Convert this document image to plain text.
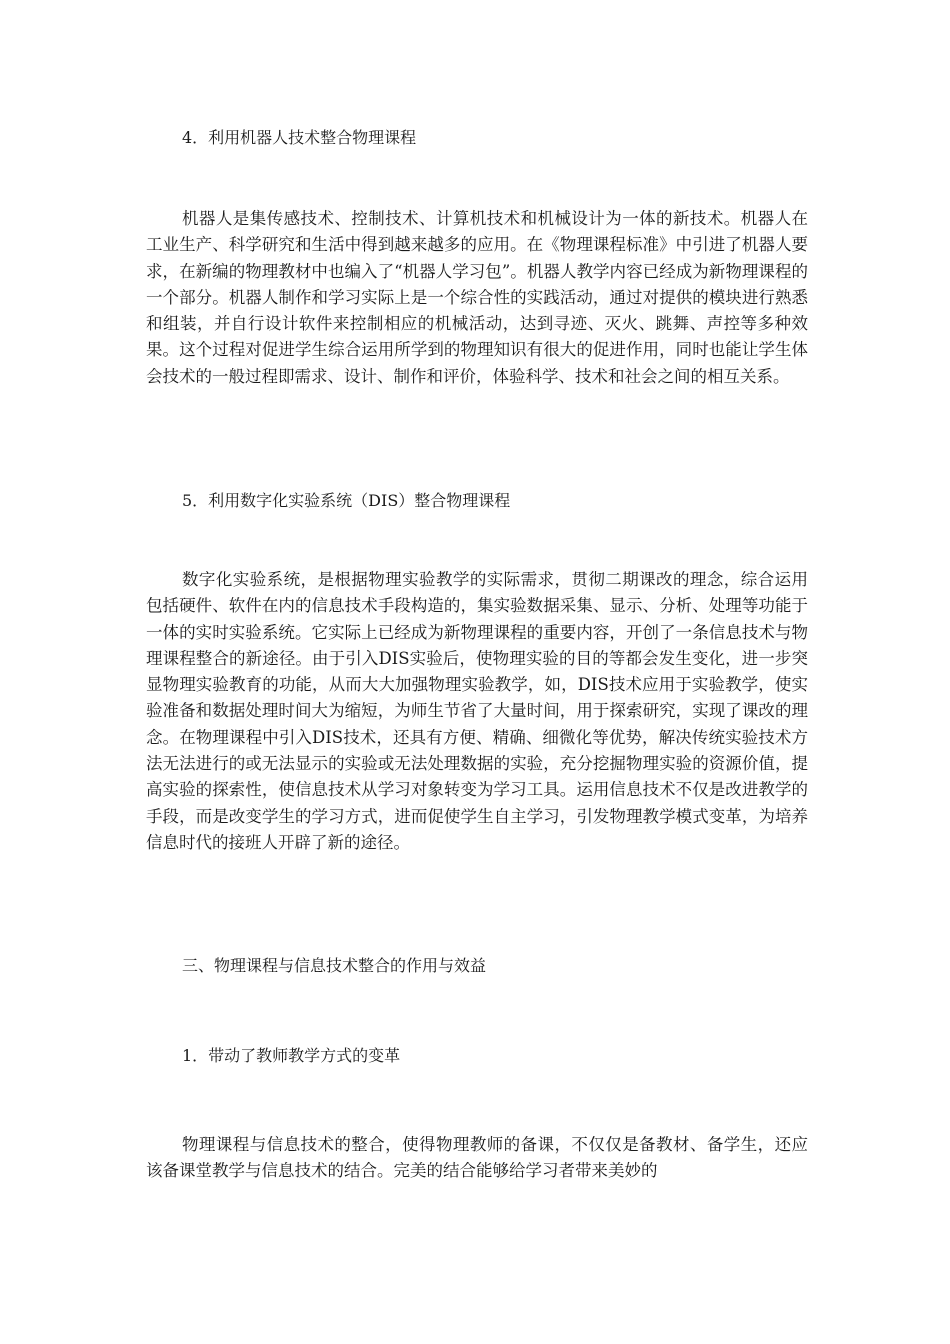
4．利用机器人技术整合物理课程

机器人是集传感技术、控制技术、计算机技术和机械设计为一体的新技术。机器人在工业生产、科学研究和生活中得到越来越多的应用。在《物理课程标准》中引进了机器人要求，在新编的物理教材中也编入了“机器人学习包”。机器人教学内容已经成为新物理课程的一个部分。机器人制作和学习实际上是一个综合性的实践活动，通过对提供的模块进行熟悉和组装，并自行设计软件来控制相应的机械活动，达到寻迹、灭火、跳舞、声控等多种效果。这个过程对促进学生综合运用所学到的物理知识有很大的促进作用，同时也能让学生体会技术的一般过程即需求、设计、制作和评价，体验科学、技术和社会之间的相互关系。

5．利用数字化实验系统（DIS）整合物理课程

数字化实验系统，是根据物理实验教学的实际需求，贯彻二期课改的理念，综合运用包括硬件、软件在内的信息技术手段构造的，集实验数据采集、显示、分析、处理等功能于一体的实时实验系统。它实际上已经成为新物理课程的重要内容，开创了一条信息技术与物理课程整合的新途径。由于引入DIS实验后，使物理实验的目的等都会发生变化，进一步突显物理实验教育的功能，从而大大加强物理实验教学，如，DIS技术应用于实验教学，使实验准备和数据处理时间大为缩短，为师生节省了大量时间，用于探索研究，实现了课改的理念。在物理课程中引入DIS技术，还具有方便、精确、细微化等优势，解决传统实验技术方法无法进行的或无法显示的实验或无法处理数据的实验，充分挖掘物理实验的资源价值，提高实验的探索性，使信息技术从学习对象转变为学习工具。运用信息技术不仅是改进教学的手段，而是改变学生的学习方式，进而促使学生自主学习，引发物理教学模式变革，为培养信息时代的接班人开辟了新的途径。

三、物理课程与信息技术整合的作用与效益

1．带动了教师教学方式的变革

物理课程与信息技术的整合，使得物理教师的备课，不仅仅是备教材、备学生，还应该备课堂教学与信息技术的结合。完美的结合能够给学习者带来美妙的
